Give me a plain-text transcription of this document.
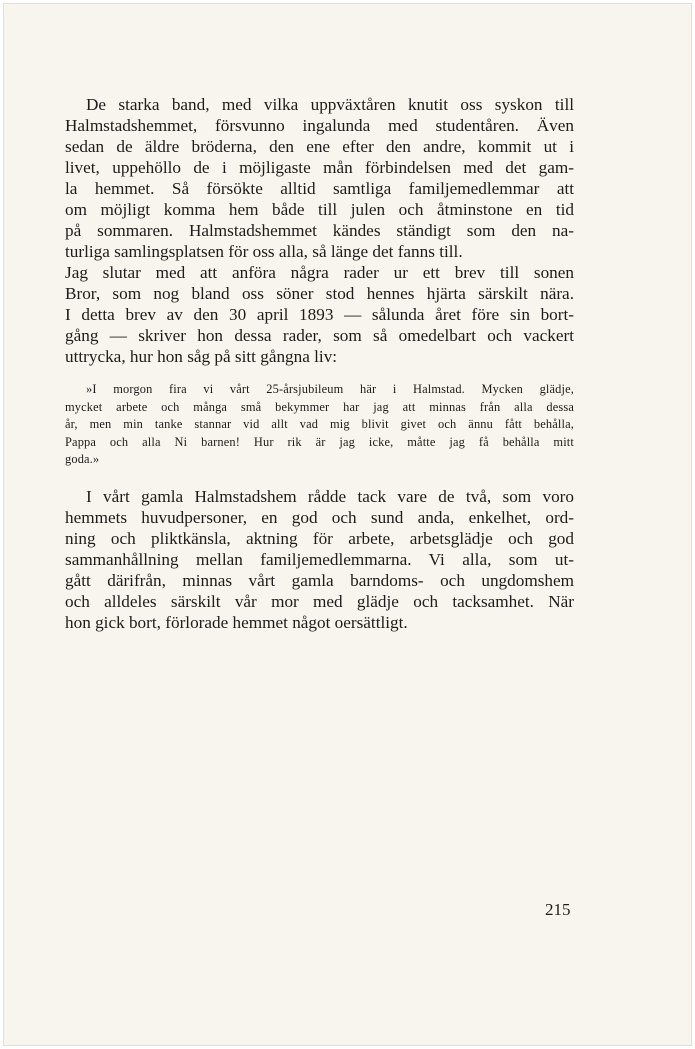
De starka band, med vilka uppväxtåren knutit oss syskon till
Halmstadshemmet, försvunno ingalunda med studentåren. Även
sedan de äldre bröderna, den ene efter den andre, kommit ut i
livet, uppehöllo de i möjligaste mån förbindelsen med det gam-
la hemmet. Så försökte alltid samtliga familjemedlemmar att
om möjligt komma hem både till julen och åtminstone en tid
på sommaren. Halmstadshemmet kändes ständigt som den na-
turliga samlingsplatsen för oss alla, så länge det fanns till.
Jag slutar med att anföra några rader ur ett brev till sonen
Bror, som nog bland oss söner stod hennes hjärta särskilt nära.
I detta brev av den 30 april 1893 — sålunda året före sin bort-
gång — skriver hon dessa rader, som så omedelbart och vackert
uttrycka, hur hon såg på sitt gångna liv:
»I morgon fira vi vårt 25-årsjubileum här i Halmstad. Mycken glädje,
mycket arbete och många små bekymmer har jag att minnas från alla dessa
år, men min tanke stannar vid allt vad mig blivit givet och ännu fått behålla,
Pappa och alla Ni barnen! Hur rik är jag icke, måtte jag få behålla mitt
goda.»
I vårt gamla Halmstadshem rådde tack vare de två, som voro
hemmets huvudpersoner, en god och sund anda, enkelhet, ord-
ning och pliktkänsla, aktning för arbete, arbetsglädje och god
sammanhållning mellan familjemedlemmarna. Vi alla, som ut-
gått därifrån, minnas vårt gamla barndoms- och ungdomshem
och alldeles särskilt vår mor med glädje och tacksamhet. När
hon gick bort, förlorade hemmet något oersättligt.
215
